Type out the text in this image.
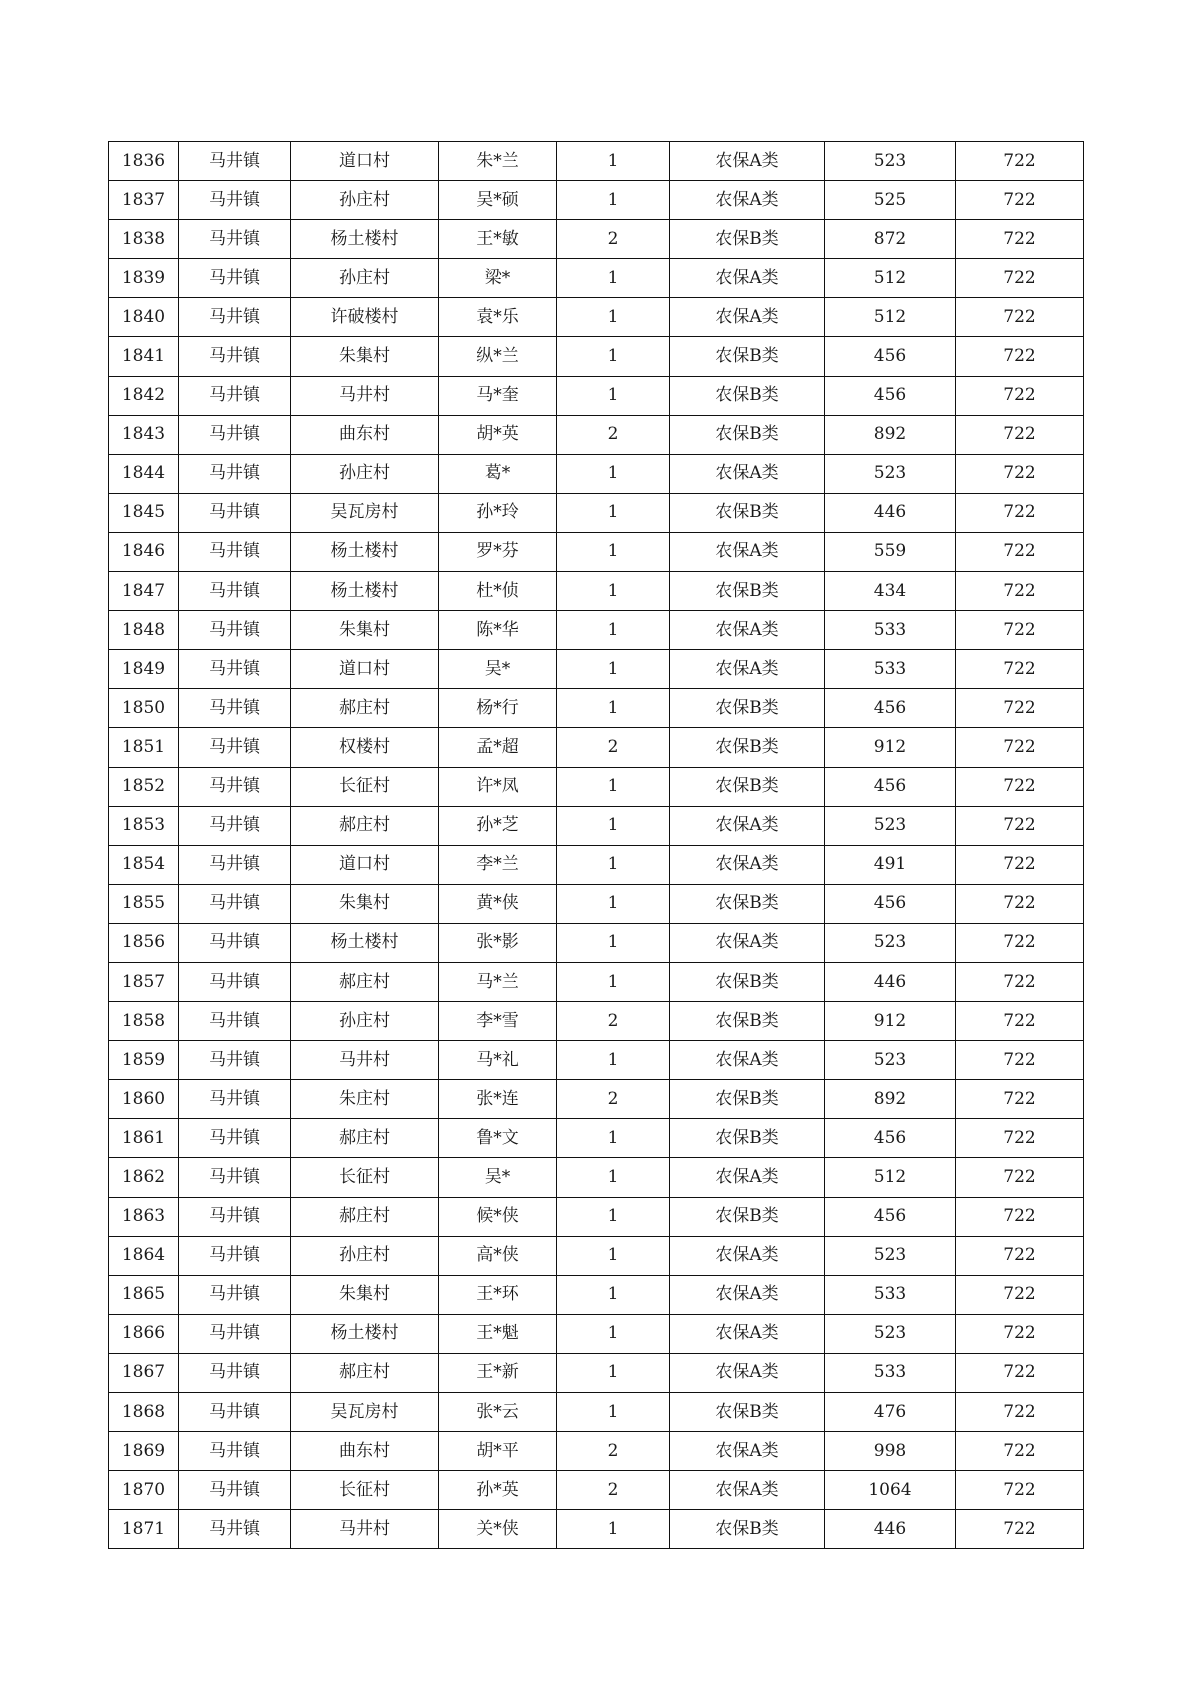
1836	马井镇	道口村	朱*兰	1	农保A类	523	722
1837	马井镇	孙庄村	吴*硕	1	农保A类	525	722
1838	马井镇	杨土楼村	王*敏	2	农保B类	872	722
1839	马井镇	孙庄村	梁*	1	农保A类	512	722
1840	马井镇	许破楼村	袁*乐	1	农保A类	512	722
1841	马井镇	朱集村	纵*兰	1	农保B类	456	722
1842	马井镇	马井村	马*奎	1	农保B类	456	722
1843	马井镇	曲东村	胡*英	2	农保B类	892	722
1844	马井镇	孙庄村	葛*	1	农保A类	523	722
1845	马井镇	吴瓦房村	孙*玲	1	农保B类	446	722
1846	马井镇	杨土楼村	罗*芬	1	农保A类	559	722
1847	马井镇	杨土楼村	杜*侦	1	农保B类	434	722
1848	马井镇	朱集村	陈*华	1	农保A类	533	722
1849	马井镇	道口村	吴*	1	农保A类	533	722
1850	马井镇	郝庄村	杨*行	1	农保B类	456	722
1851	马井镇	权楼村	孟*超	2	农保B类	912	722
1852	马井镇	长征村	许*凤	1	农保B类	456	722
1853	马井镇	郝庄村	孙*芝	1	农保A类	523	722
1854	马井镇	道口村	李*兰	1	农保A类	491	722
1855	马井镇	朱集村	黄*侠	1	农保B类	456	722
1856	马井镇	杨土楼村	张*影	1	农保A类	523	722
1857	马井镇	郝庄村	马*兰	1	农保B类	446	722
1858	马井镇	孙庄村	李*雪	2	农保B类	912	722
1859	马井镇	马井村	马*礼	1	农保A类	523	722
1860	马井镇	朱庄村	张*连	2	农保B类	892	722
1861	马井镇	郝庄村	鲁*文	1	农保B类	456	722
1862	马井镇	长征村	吴*	1	农保A类	512	722
1863	马井镇	郝庄村	候*侠	1	农保B类	456	722
1864	马井镇	孙庄村	高*侠	1	农保A类	523	722
1865	马井镇	朱集村	王*环	1	农保A类	533	722
1866	马井镇	杨土楼村	王*魁	1	农保A类	523	722
1867	马井镇	郝庄村	王*新	1	农保A类	533	722
1868	马井镇	吴瓦房村	张*云	1	农保B类	476	722
1869	马井镇	曲东村	胡*平	2	农保A类	998	722
1870	马井镇	长征村	孙*英	2	农保A类	1064	722
1871	马井镇	马井村	关*侠	1	农保B类	446	722
